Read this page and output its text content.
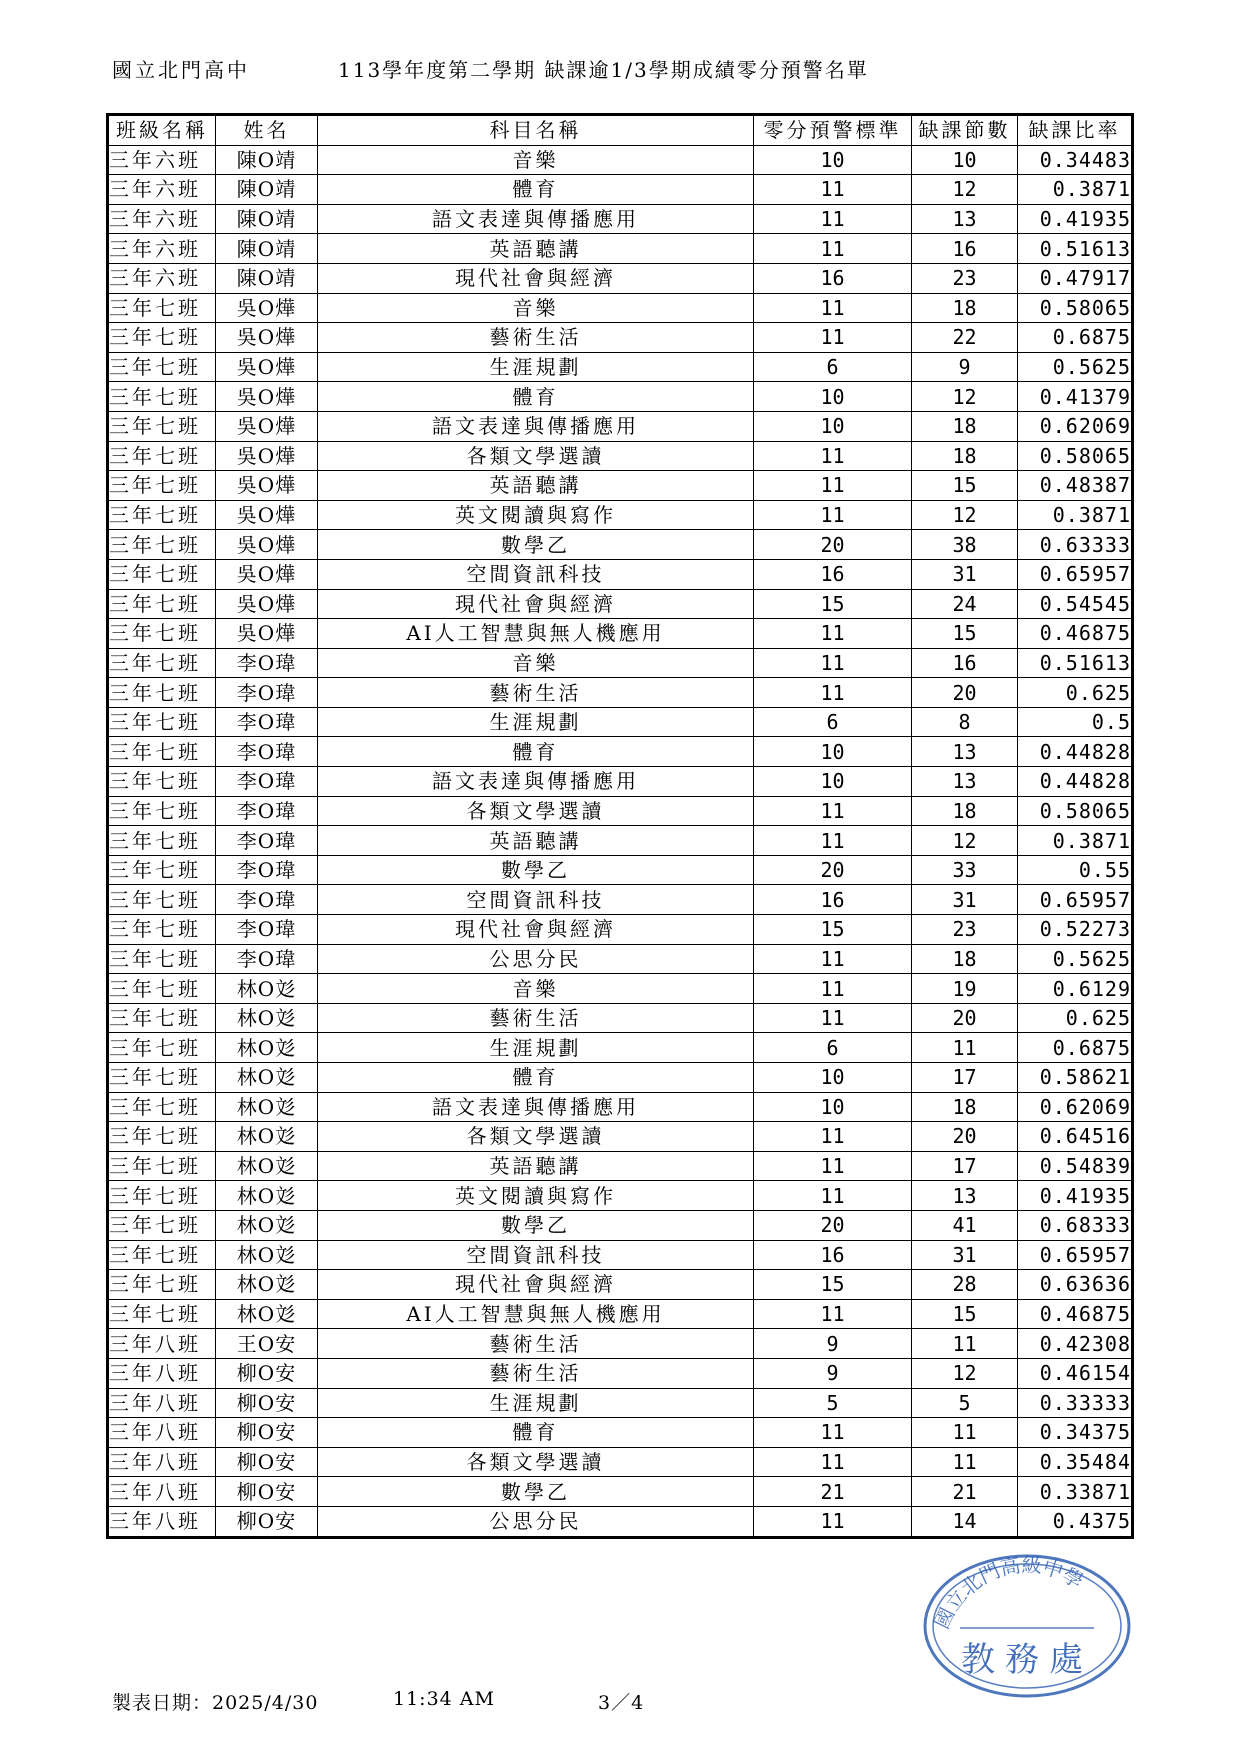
國立北門高中	113學年度第二學期 缺課逾1/3學期成績零分預警名單
班級名稱	姓名	科目名稱	零分預警標準	缺課節數	缺課比率
三年六班	陳O靖	音樂	10	10	0.34483
三年六班	陳O靖	體育	11	12	0.3871
三年六班	陳O靖	語文表達與傳播應用	11	13	0.41935
三年六班	陳O靖	英語聽講	11	16	0.51613
三年六班	陳O靖	現代社會與經濟	16	23	0.47917
三年七班	吳O燁	音樂	11	18	0.58065
三年七班	吳O燁	藝術生活	11	22	0.6875
三年七班	吳O燁	生涯規劃	6	9	0.5625
三年七班	吳O燁	體育	10	12	0.41379
三年七班	吳O燁	語文表達與傳播應用	10	18	0.62069
三年七班	吳O燁	各類文學選讀	11	18	0.58065
三年七班	吳O燁	英語聽講	11	15	0.48387
三年七班	吳O燁	英文閱讀與寫作	11	12	0.3871
三年七班	吳O燁	數學乙	20	38	0.63333
三年七班	吳O燁	空間資訊科技	16	31	0.65957
三年七班	吳O燁	現代社會與經濟	15	24	0.54545
三年七班	吳O燁	AI人工智慧與無人機應用	11	15	0.46875
三年七班	李O瑋	音樂	11	16	0.51613
三年七班	李O瑋	藝術生活	11	20	0.625
三年七班	李O瑋	生涯規劃	6	8	0.5
三年七班	李O瑋	體育	10	13	0.44828
三年七班	李O瑋	語文表達與傳播應用	10	13	0.44828
三年七班	李O瑋	各類文學選讀	11	18	0.58065
三年七班	李O瑋	英語聽講	11	12	0.3871
三年七班	李O瑋	數學乙	20	33	0.55
三年七班	李O瑋	空間資訊科技	16	31	0.65957
三年七班	李O瑋	現代社會與經濟	15	23	0.52273
三年七班	李O瑋	公思分民	11	18	0.5625
三年七班	林O彣	音樂	11	19	0.6129
三年七班	林O彣	藝術生活	11	20	0.625
三年七班	林O彣	生涯規劃	6	11	0.6875
三年七班	林O彣	體育	10	17	0.58621
三年七班	林O彣	語文表達與傳播應用	10	18	0.62069
三年七班	林O彣	各類文學選讀	11	20	0.64516
三年七班	林O彣	英語聽講	11	17	0.54839
三年七班	林O彣	英文閱讀與寫作	11	13	0.41935
三年七班	林O彣	數學乙	20	41	0.68333
三年七班	林O彣	空間資訊科技	16	31	0.65957
三年七班	林O彣	現代社會與經濟	15	28	0.63636
三年七班	林O彣	AI人工智慧與無人機應用	11	15	0.46875
三年八班	王O安	藝術生活	9	11	0.42308
三年八班	柳O安	藝術生活	9	12	0.46154
三年八班	柳O安	生涯規劃	5	5	0.33333
三年八班	柳O安	體育	11	11	0.34375
三年八班	柳O安	各類文學選讀	11	11	0.35484
三年八班	柳O安	數學乙	21	21	0.33871
三年八班	柳O安	公思分民	11	14	0.4375
製表日期：2025/4/30	11:34 AM	3／4
國立北門高級中學
教務處
